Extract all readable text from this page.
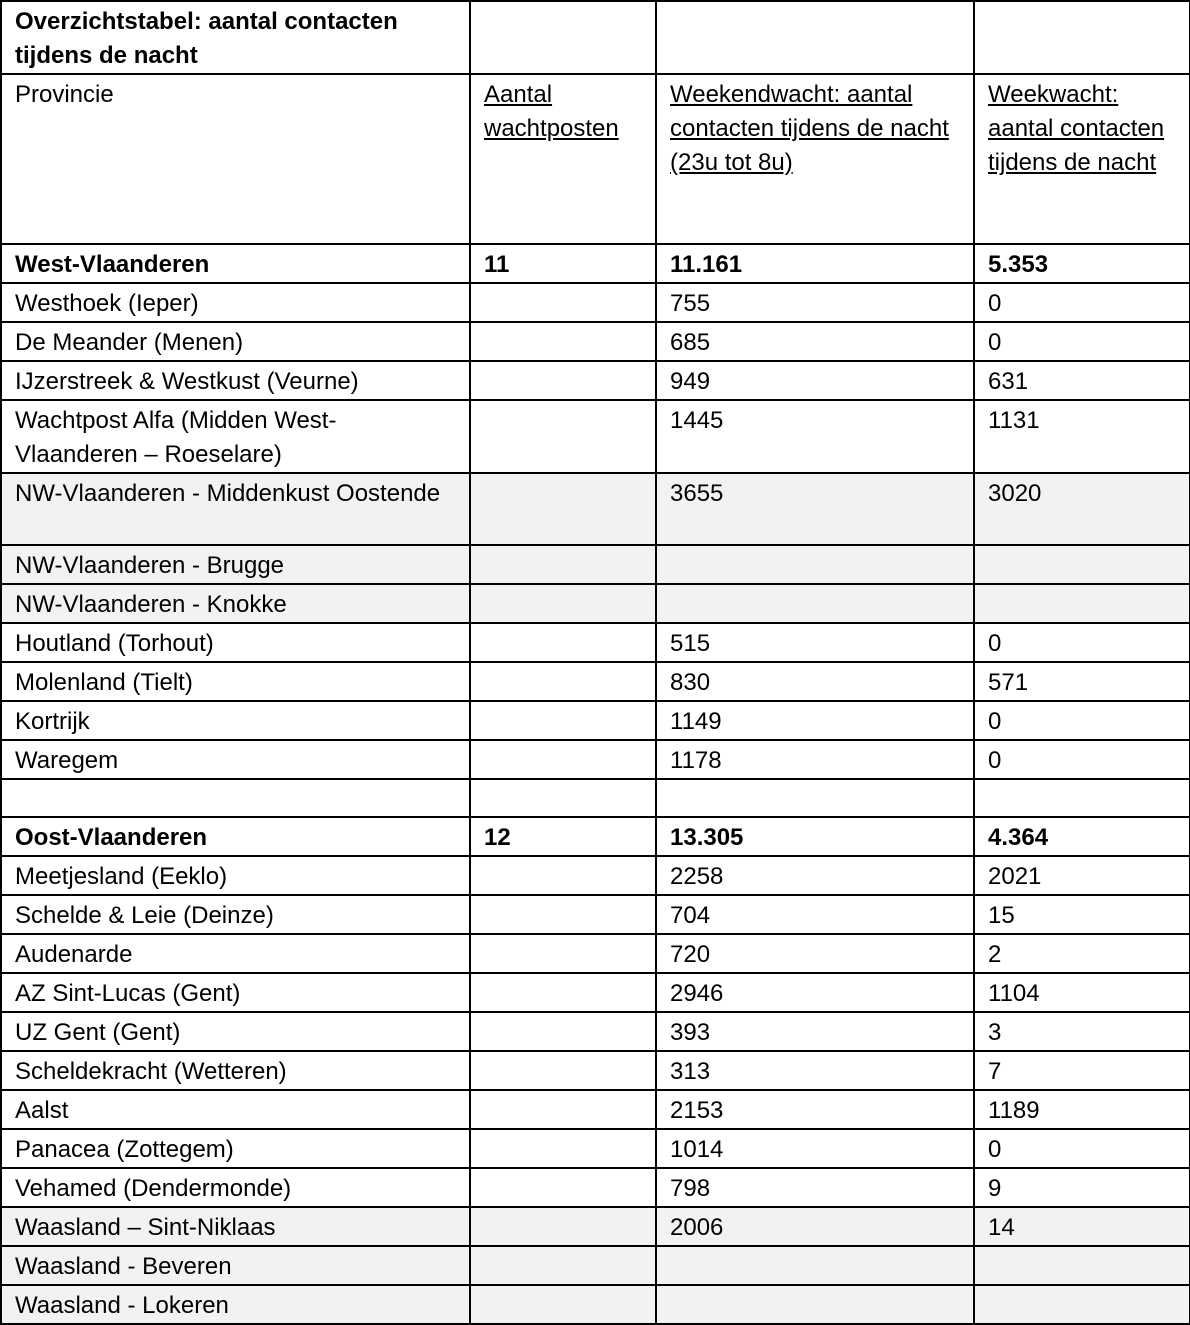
Overzichtstabel: aantal contacten tijdens de nacht			
Provincie	Aantal wachtposten	Weekendwacht: aantal contacten tijdens de nacht (23u tot 8u)	Weekwacht: aantal contacten tijdens de nacht
West-Vlaanderen	11	11.161	5.353
Westhoek (Ieper)		755	0
De Meander (Menen)		685	0
IJzerstreek & Westkust (Veurne)		949	631
Wachtpost Alfa (Midden West-Vlaanderen – Roeselare)		1445	1131
NW-Vlaanderen - Middenkust Oostende		3655	3020
NW-Vlaanderen - Brugge			
NW-Vlaanderen - Knokke			
Houtland (Torhout)		515	0
Molenland (Tielt)		830	571
Kortrijk		1149	0
Waregem		1178	0

Oost-Vlaanderen	12	13.305	4.364
Meetjesland (Eeklo)		2258	2021
Schelde & Leie (Deinze)		704	15
Audenarde		720	2
AZ Sint-Lucas (Gent)		2946	1104
UZ Gent (Gent)		393	3
Scheldekracht (Wetteren)		313	7
Aalst		2153	1189
Panacea (Zottegem)		1014	0
Vehamed (Dendermonde)		798	9
Waasland – Sint-Niklaas		2006	14
Waasland - Beveren			
Waasland - Lokeren			
